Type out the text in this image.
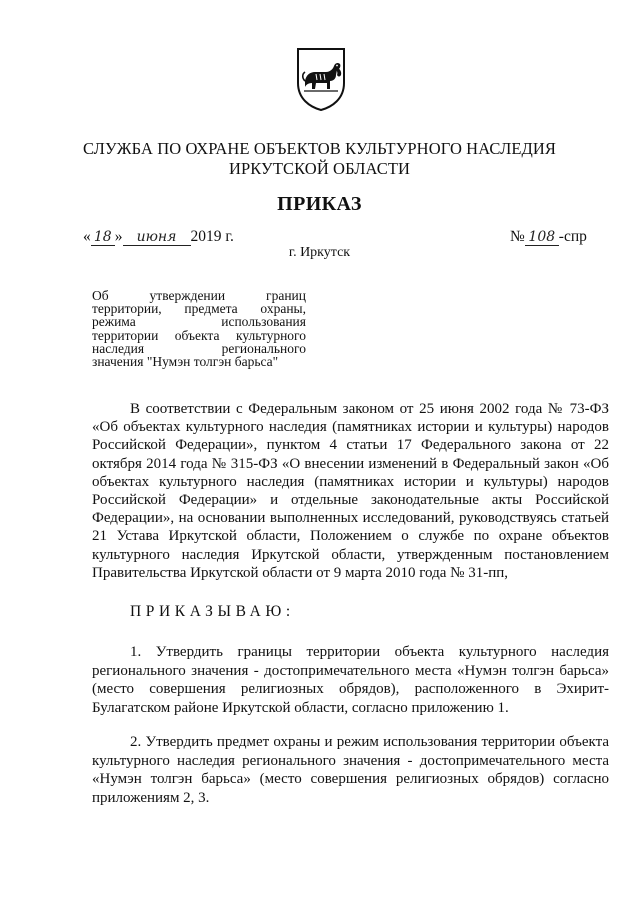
СЛУЖБА ПО ОХРАНЕ ОБЪЕКТОВ КУЛЬТУРНОГО НАСЛЕДИЯ
ИРКУТСКОЙ ОБЛАСТИ
ПРИКАЗ
« 18 » июня 2019 г.	№ 108 -спр
г. Иркутск
Об утверждении границ
территории, предмета охраны,
режима использования
территории объекта культурного
наследия регионального
значения "Нумэн толгэн барьса"

В соответствии с Федеральным законом от 25 июня 2002 года № 73-ФЗ «Об объектах культурного наследия (памятниках истории и культуры) народов Российской Федерации», пунктом 4 статьи 17 Федерального закона от 22 октября 2014 года № 315-ФЗ «О внесении изменений в Федеральный закон «Об объектах культурного наследия (памятниках истории и культуры) народов Российской Федерации» и отдельные законодательные акты Российской Федерации», на основании выполненных исследований, руководствуясь статьей 21 Устава Иркутской области, Положением о службе по охране объектов культурного наследия Иркутской области, утвержденным постановлением Правительства Иркутской области от 9 марта 2010 года № 31-пп,

ПРИКАЗЫВАЮ:

1. Утвердить границы территории объекта культурного наследия регионального значения - достопримечательного места «Нумэн толгэн барьса» (место совершения религиозных обрядов), расположенного в Эхирит-Булагатском районе Иркутской области, согласно приложению 1.

2. Утвердить предмет охраны и режим использования территории объекта культурного наследия регионального значения - достопримечательного места «Нумэн толгэн барьса» (место совершения религиозных обрядов) согласно приложениям 2, 3.
